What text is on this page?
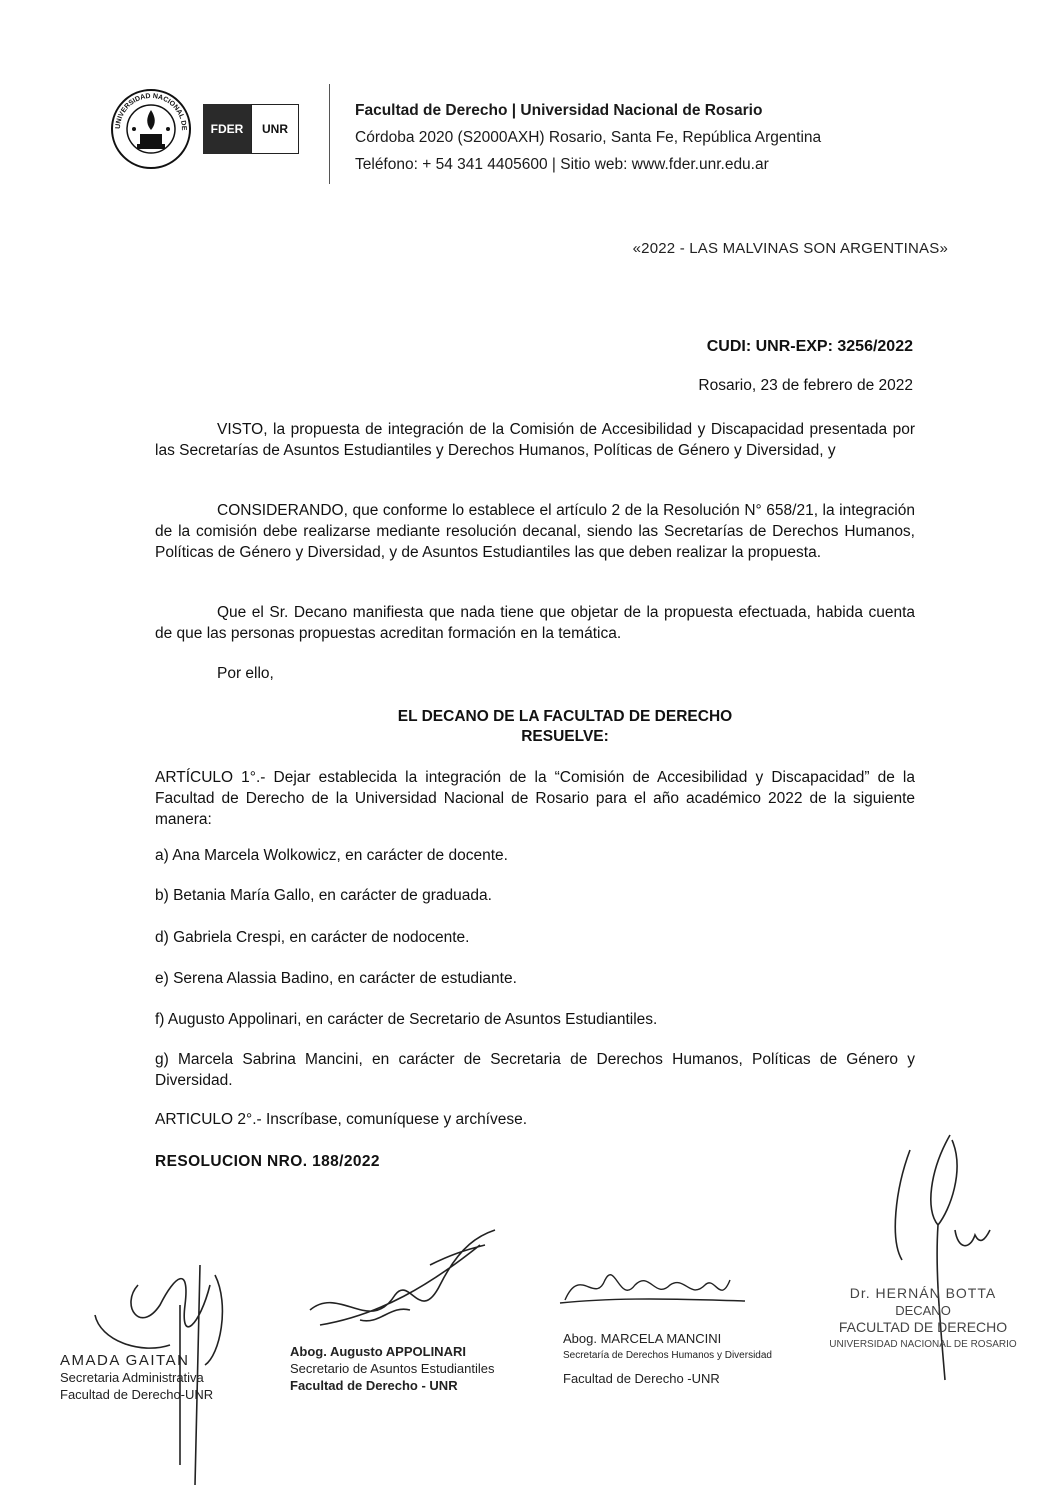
UNIVERSIDAD NACIONAL DE	FDER	UNR
Facultad de Derecho | Universidad Nacional de Rosario
Córdoba 2020 (S2000AXH) Rosario, Santa Fe, República Argentina
Teléfono: + 54 341 4405600 | Sitio web: www.fder.unr.edu.ar
«2022 - LAS MALVINAS SON ARGENTINAS»
CUDI: UNR-EXP: 3256/2022
Rosario, 23 de febrero de 2022
VISTO, la propuesta de integración de la Comisión de Accesibilidad y Discapacidad presentada por las Secretarías de Asuntos Estudiantiles y Derechos Humanos, Políticas de Género y Diversidad, y
CONSIDERANDO, que conforme lo establece el artículo 2 de la Resolución N° 658/21, la integración de la comisión debe realizarse mediante resolución decanal, siendo las Secretarías de Derechos Humanos, Políticas de Género y Diversidad, y de Asuntos Estudiantiles las que deben realizar la propuesta.
Que el Sr. Decano manifiesta que nada tiene que objetar de la propuesta efectuada, habida cuenta de que las personas propuestas acreditan formación en la temática.
Por ello,
EL DECANO DE LA FACULTAD DE DERECHO
RESUELVE:
ARTÍCULO 1°.- Dejar establecida la integración de la “Comisión de Accesibilidad y Discapacidad” de la Facultad de Derecho de la Universidad Nacional de Rosario para el año académico 2022 de la siguiente manera:
a) Ana Marcela Wolkowicz, en carácter de docente.
b) Betania María Gallo, en carácter de graduada.
d) Gabriela Crespi, en carácter de nodocente.
e) Serena Alassia Badino, en carácter de estudiante.
f) Augusto Appolinari, en carácter de Secretario de Asuntos Estudiantiles.
g) Marcela Sabrina Mancini, en carácter de Secretaria de Derechos Humanos, Políticas de Género y Diversidad.
ARTICULO 2°.- Inscríbase, comuníquese y archívese.
RESOLUCION NRO. 188/2022
AMADA GAITAN
Secretaria Administrativa
Facultad de Derecho-UNR
Abog. Augusto APPOLINARI
Secretario de Asuntos Estudiantiles
Facultad de Derecho - UNR
Abog. MARCELA MANCINI
Secretaría de Derechos Humanos y Diversidad
Facultad de Derecho -UNR
Dr. HERNÁN BOTTA
DECANO
FACULTAD DE DERECHO
UNIVERSIDAD NACIONAL DE ROSARIO
